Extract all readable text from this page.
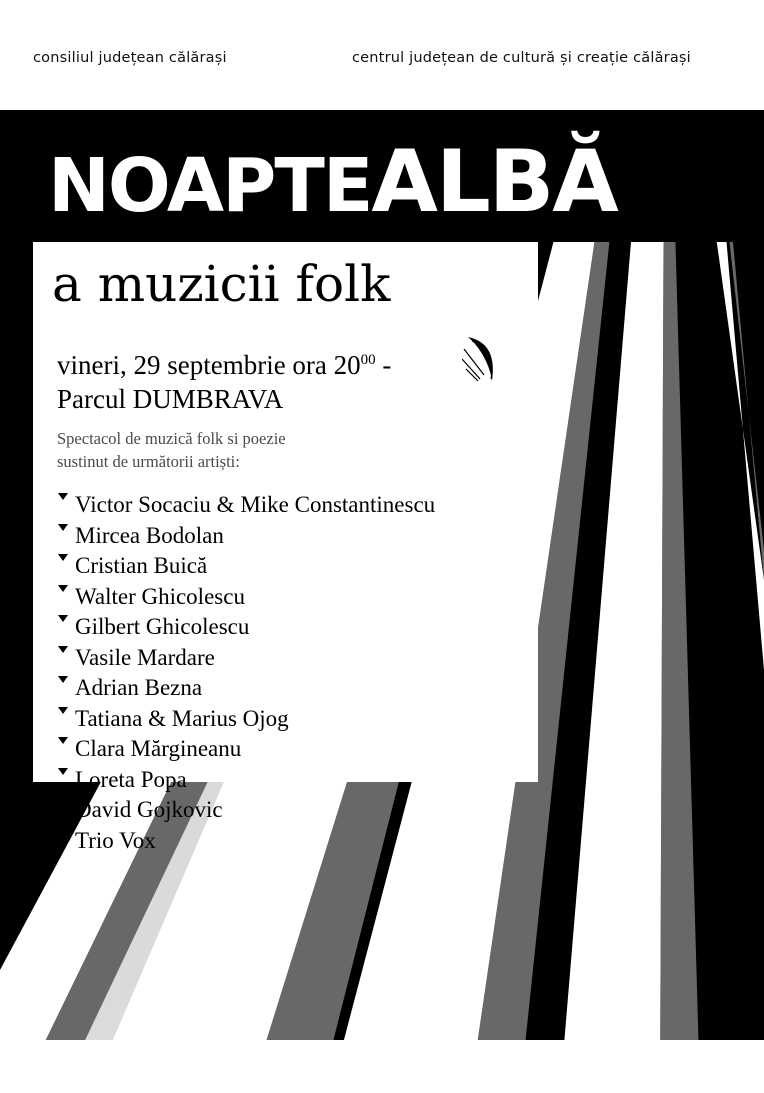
consiliul județean călărași	centrul județean de cultură și creație călărași
NOAPTEALBĂ
a muzicii folk
vineri, 29 septembrie ora $20^{00}$ -
Parcul DUMBRAVA
Spectacol de muzică folk si poezie
sustinut de următorii artiști:
Victor Socaciu & Mike Constantinescu
Mircea Bodolan
Cristian Buică
Walter Ghicolescu
Gilbert Ghicolescu
Vasile Mardare
Adrian Bezna
Tatiana & Marius Ojog
Clara Mărgineanu
Loreta Popa
David Gojkovic
Trio Vox
